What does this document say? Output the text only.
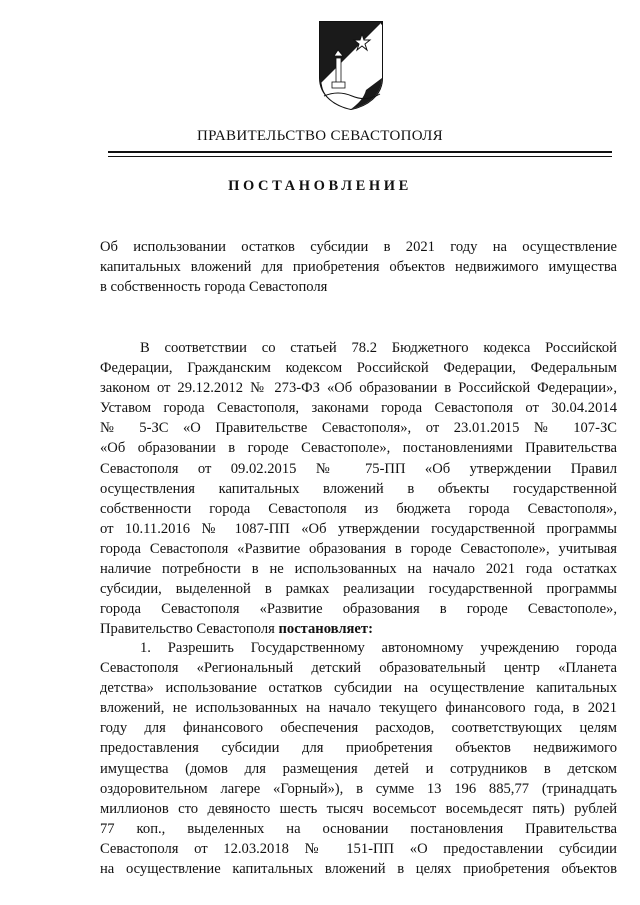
ПРАВИТЕЛЬСТВО СЕВАСТОПОЛЯ
ПОСТАНОВЛЕНИЕ
Об использовании остатков субсидии в 2021 году на осуществление
капитальных вложений для приобретения объектов недвижимого имущества
в собственность города Севастополя
В соответствии со статьей 78.2 Бюджетного кодекса Российской
Федерации, Гражданским кодексом Российской Федерации, Федеральным
законом от 29.12.2012 № 273-ФЗ «Об образовании в Российской Федерации»,
Уставом города Севастополя, законами города Севастополя от 30.04.2014
№ 5-ЗС «О Правительстве Севастополя», от 23.01.2015 № 107-ЗС
«Об образовании в городе Севастополе», постановлениями Правительства
Севастополя от 09.02.2015 № 75-ПП «Об утверждении Правил
осуществления капитальных вложений в объекты государственной
собственности города Севастополя из бюджета города Севастополя»,
от 10.11.2016 № 1087-ПП «Об утверждении государственной программы
города Севастополя «Развитие образования в городе Севастополе», учитывая
наличие потребности в не использованных на начало 2021 года остатках
субсидии, выделенной в рамках реализации государственной программы
города Севастополя «Развитие образования в городе Севастополе»,
Правительство Севастополя постановляет:
1. Разрешить Государственному автономному учреждению города
Севастополя «Региональный детский образовательный центр «Планета
детства» использование остатков субсидии на осуществление капитальных
вложений, не использованных на начало текущего финансового года, в 2021
году для финансового обеспечения расходов, соответствующих целям
предоставления субсидии для приобретения объектов недвижимого
имущества (домов для размещения детей и сотрудников в детском
оздоровительном лагере «Горный»), в сумме 13 196 885,77 (тринадцать
миллионов сто девяносто шесть тысяч восемьсот восемьдесят пять) рублей
77 коп., выделенных на основании постановления Правительства
Севастополя от 12.03.2018 № 151-ПП «О предоставлении субсидии
на осуществление капитальных вложений в целях приобретения объектов
